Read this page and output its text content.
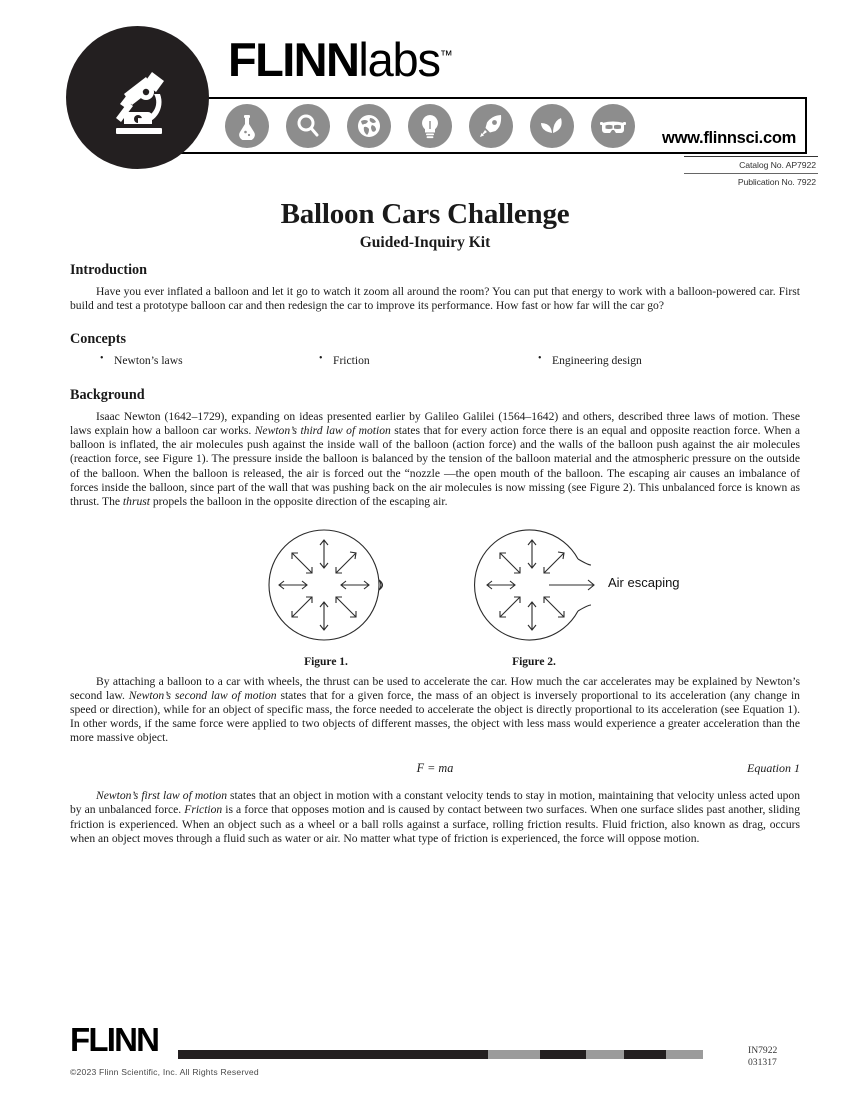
FLINNlabs™
www.flinnsci.com
Catalog No. AP7922
Publication No. 7922
Balloon Cars Challenge
Guided-Inquiry Kit
Introduction

Have you ever inflated a balloon and let it go to watch it zoom all around the room? You can put that energy to work with a balloon-powered car. First build and test a prototype balloon car and then redesign the car to improve its performance. How fast or how far will the car go?

Concepts
• Newton’s laws	• Friction	• Engineering design
Background

Isaac Newton (1642–1729), expanding on ideas presented earlier by Galileo Galilei (1564–1642) and others, described three laws of motion. These laws explain how a balloon car works. Newton’s third law of motion states that for every action force there is an equal and opposite reaction force. When a balloon is inflated, the air molecules push against the inside wall of the balloon (action force) and the walls of the balloon push against the air molecules (reaction force, see Figure 1). The pressure inside the balloon is balanced by the tension of the balloon material and the atmospheric pressure on the outside of the balloon. When the balloon is released, the air is forced out the “nozzle —the open mouth of the balloon. The escaping air causes an imbalance of forces inside the balloon, since part of the wall that was pushing back on the air molecules is now missing (see Figure 2). This unbalanced force is known as thrust. The thrust propels the balloon in the opposite direction of the escaping air.

Figure 1.
Air escaping
Figure 2.

By attaching a balloon to a car with wheels, the thrust can be used to accelerate the car. How much the car accelerates may be explained by Newton’s second law. Newton’s second law of motion states that for a given force, the mass of an object is inversely proportional to its acceleration (any change in speed or direction), while for an object of specific mass, the force needed to accelerate the object is directly proportional to its acceleration (see Equation 1). In other words, if the same force were applied to two objects of different masses, the object with less mass would experience a greater acceleration than the more massive object.

F = ma	Equation 1

Newton’s first law of motion states that an object in motion with a constant velocity tends to stay in motion, maintaining that velocity unless acted upon by an unbalanced force. Friction is a force that opposes motion and is caused by contact between two surfaces. When one surface slides past another, sliding friction is experienced. When an object such as a wheel or a ball rolls against a surface, rolling friction results. Fluid friction, also known as drag, occurs when an object moves through a fluid such as water or air. No matter what type of friction is experienced, the force will oppose motion.

FLINN
©2023 Flinn Scientific, Inc. All Rights Reserved
IN7922
031317
